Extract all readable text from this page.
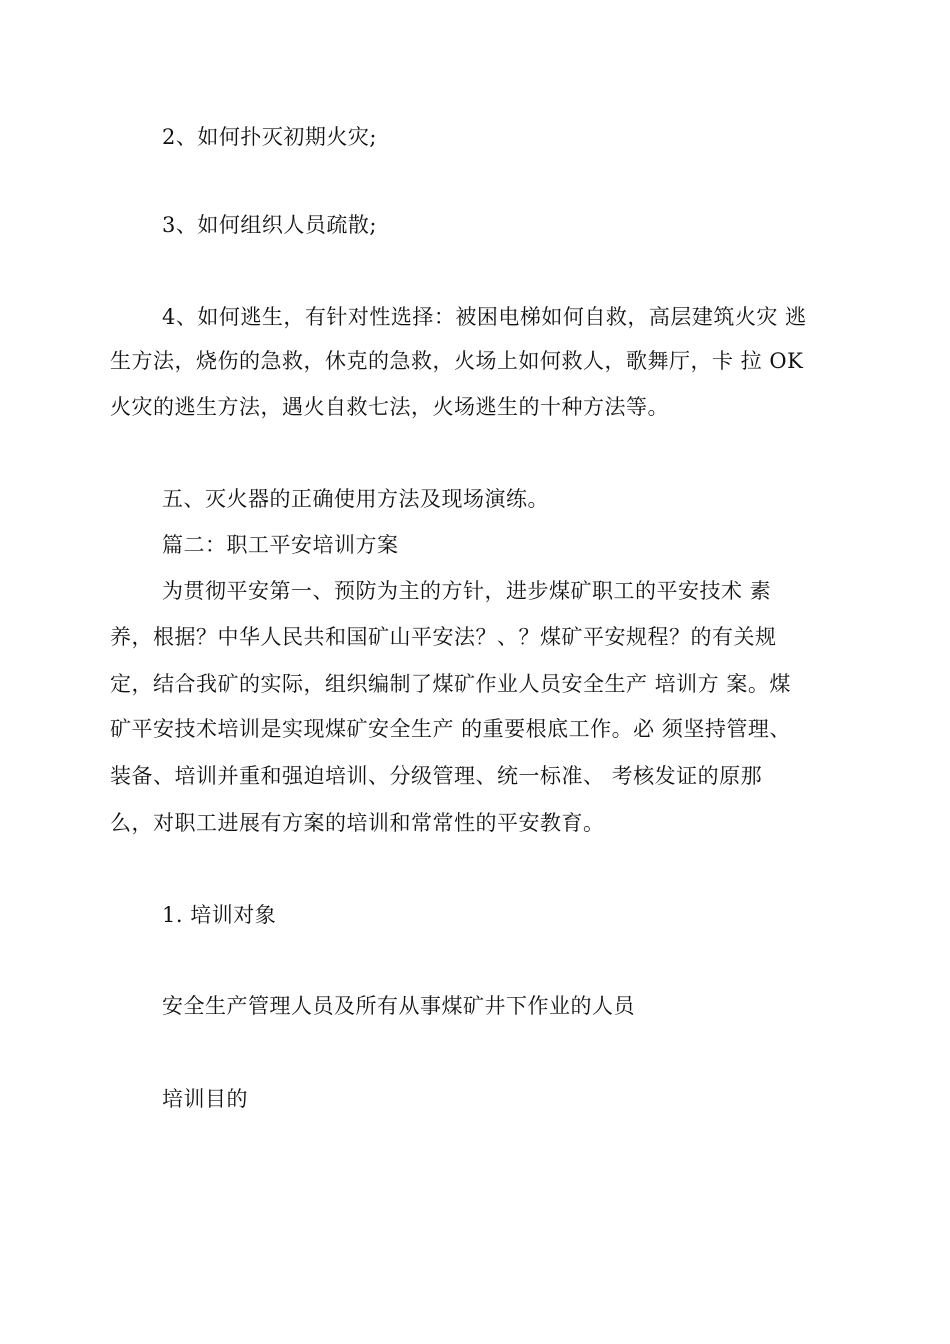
2、如何扑灭初期火灾;
3、如何组织人员疏散;
4、如何逃生，有针对性选择：被困电梯如何自救，高层建筑火灾 逃
生方法，烧伤的急救，休克的急救，火场上如何救人，歌舞厅，卡 拉 OK
火灾的逃生方法，遇火自救七法，火场逃生的十种方法等。
五、灭火器的正确使用方法及现场演练。
篇二：职工平安培训方案
为贯彻平安第一、预防为主的方针，进步煤矿职工的平安技术 素
养，根据？中华人民共和国矿山平安法？、？煤矿平安规程？的有关规
定，结合我矿的实际，组织编制了煤矿作业人员安全生产 培训方 案。煤
矿平安技术培训是实现煤矿安全生产 的重要根底工作。必 须坚持管理、
装备、培训并重和强迫培训、分级管理、统一标准、 考核发证的原那
么，对职工进展有方案的培训和常常性的平安教育。
1. 培训对象
安全生产管理人员及所有从事煤矿井下作业的人员
培训目的
